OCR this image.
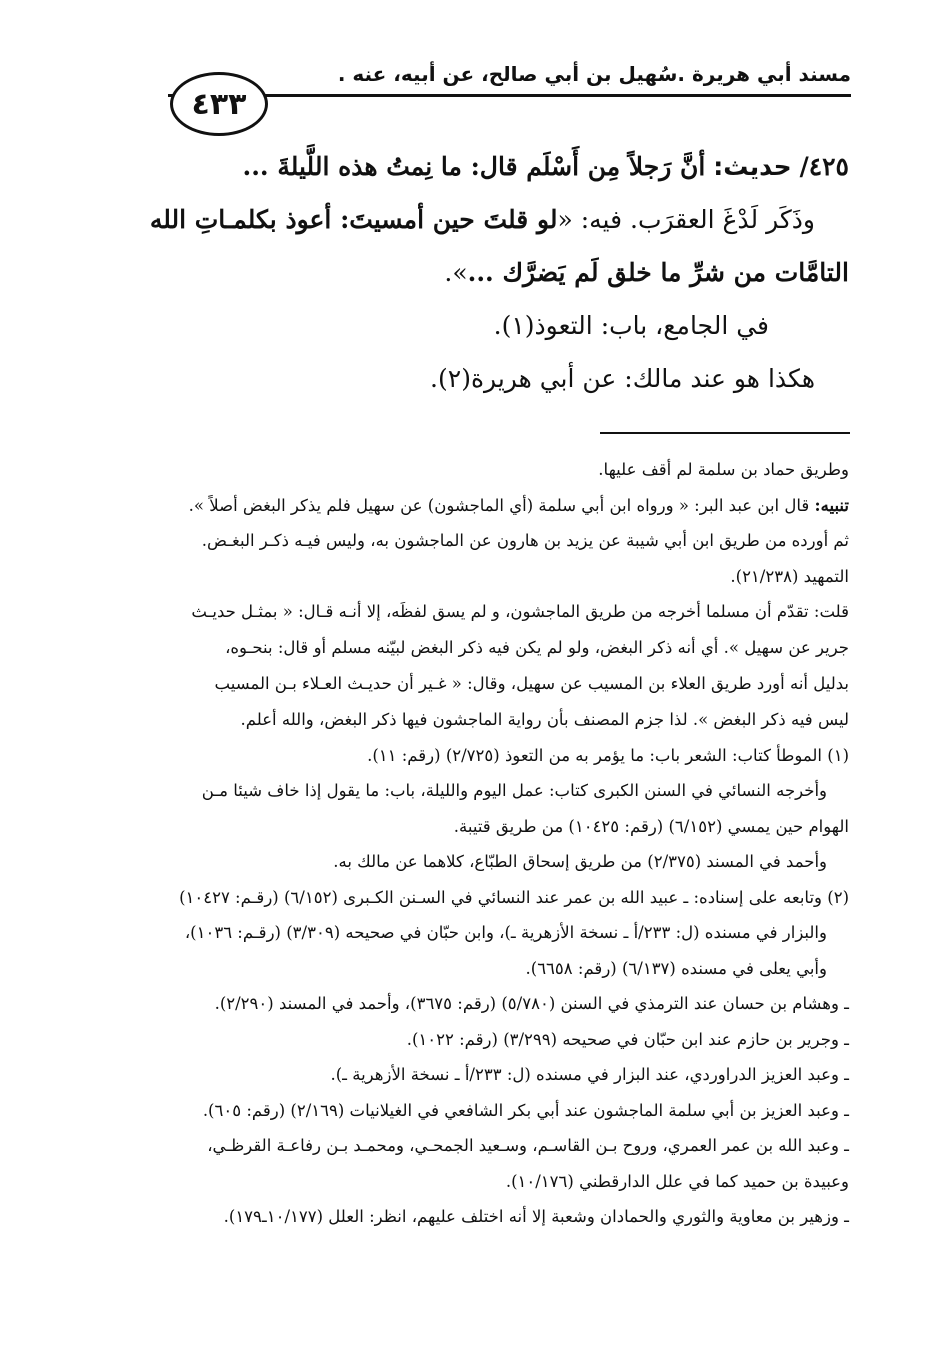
مسند أبي هريرة .سُهيل بن أبي صالح، عن أبيه، عنه .
٤٣٣

٤٢٥/ حديث: أنَّ رَجلاً مِن أَسْلَم قال: ما نِمتُ هذه اللَّيلةَ ...

وذَكَر لَدْغَ العقرَب. فيه: «لو قلتَ حين أمسيتَ: أعوذ بكلمـاتِ الله

التامَّات من شرِّ ما خلق لَم يَضرَّك ...».

في الجامع، باب: التعوذ(١).

هكذا هو عند مالك: عن أبي هريرة(٢).

وطريق حماد بن سلمة لم أقف عليها.

تنبيه: قال ابن عبد البر: « ورواه ابن أبي سلمة (أي الماجشون) عن سهيل فلم يذكر البغض أصلاً ».

ثم أورده من طريق ابن أبي شيبة عن يزيد بن هارون عن الماجشون به، وليس فيـه ذكـر البغـض.

التمهيد (٢١/٢٣٨).

قلت: تقدّم أن مسلما أخرجه من طريق الماجشون، و لم يسق لفظَه، إلا أنـه قـال: « بمثـل حديـث

جرير عن سهيل ». أي أنه ذكر البغض، ولو لم يكن فيه ذكر البغض لبيّنه مسلم أو قال: بنحـوه،

بدليل أنه أورد طريق العلاء بن المسيب عن سهيل، وقال: « غـير أن حديـث العـلاء بـن المسيب

ليس فيه ذكر البغض ». لذا جزم المصنف بأن رواية الماجشون فيها ذكر البغض، والله أعلم.

(١) الموطأ كتاب: الشعر باب: ما يؤمر به من التعوذ (٢/٧٢٥) (رقم: ١١).

وأخرجه النسائي في السنن الكبرى كتاب: عمل اليوم والليلة، باب: ما يقول إذا خاف شيئا مـن

الهوام حين يمسي (٦/١٥٢) (رقم: ١٠٤٢٥) من طريق قتيبة.

وأحمد في المسند (٢/٣٧٥) من طريق إسحاق الطبّاع، كلاهما عن مالك به.

(٢) وتابعه على إسناده: ـ عبيد الله بن عمر عند النسائي في السـنن الكـبرى (٦/١٥٢) (رقـم: ١٠٤٢٧)

والبزار في مسنده (ل: ٢٣٣/أ ـ نسخة الأزهرية ـ)، وابن حبّان في صحيحه (٣/٣٠٩) (رقـم: ١٠٣٦)،

وأبي يعلى في مسنده (٦/١٣٧) (رقم: ٦٦٥٨).

ـ وهشام بن حسان عند الترمذي في السنن (٥/٧٨٠) (رقم: ٣٦٧٥)، وأحمد في المسند (٢/٢٩٠).

ـ وجرير بن حازم عند ابن حبّان في صحيحه (٣/٢٩٩) (رقم: ١٠٢٢).

ـ وعبد العزيز الدراوردي، عند البزار في مسنده (ل: ٢٣٣/أ ـ نسخة الأزهرية ـ).

ـ وعبد العزيز بن أبي سلمة الماجشون عند أبي بكر الشافعي في الغيلانيات (٢/١٦٩) (رقم: ٦٠٥).

ـ وعبد الله بن عمر العمري، وروح بـن القاسـم، وسـعيد الجمحـي، ومحمـد بـن رفاعـة القرظـي،

وعبيدة بن حميد كما في علل الدارقطني (١٠/١٧٦).

ـ وزهير بن معاوية والثوري والحمادان وشعبة إلا أنه اختلف عليهم، انظر: العلل (١٠/١٧٧ـ١٧٩).
